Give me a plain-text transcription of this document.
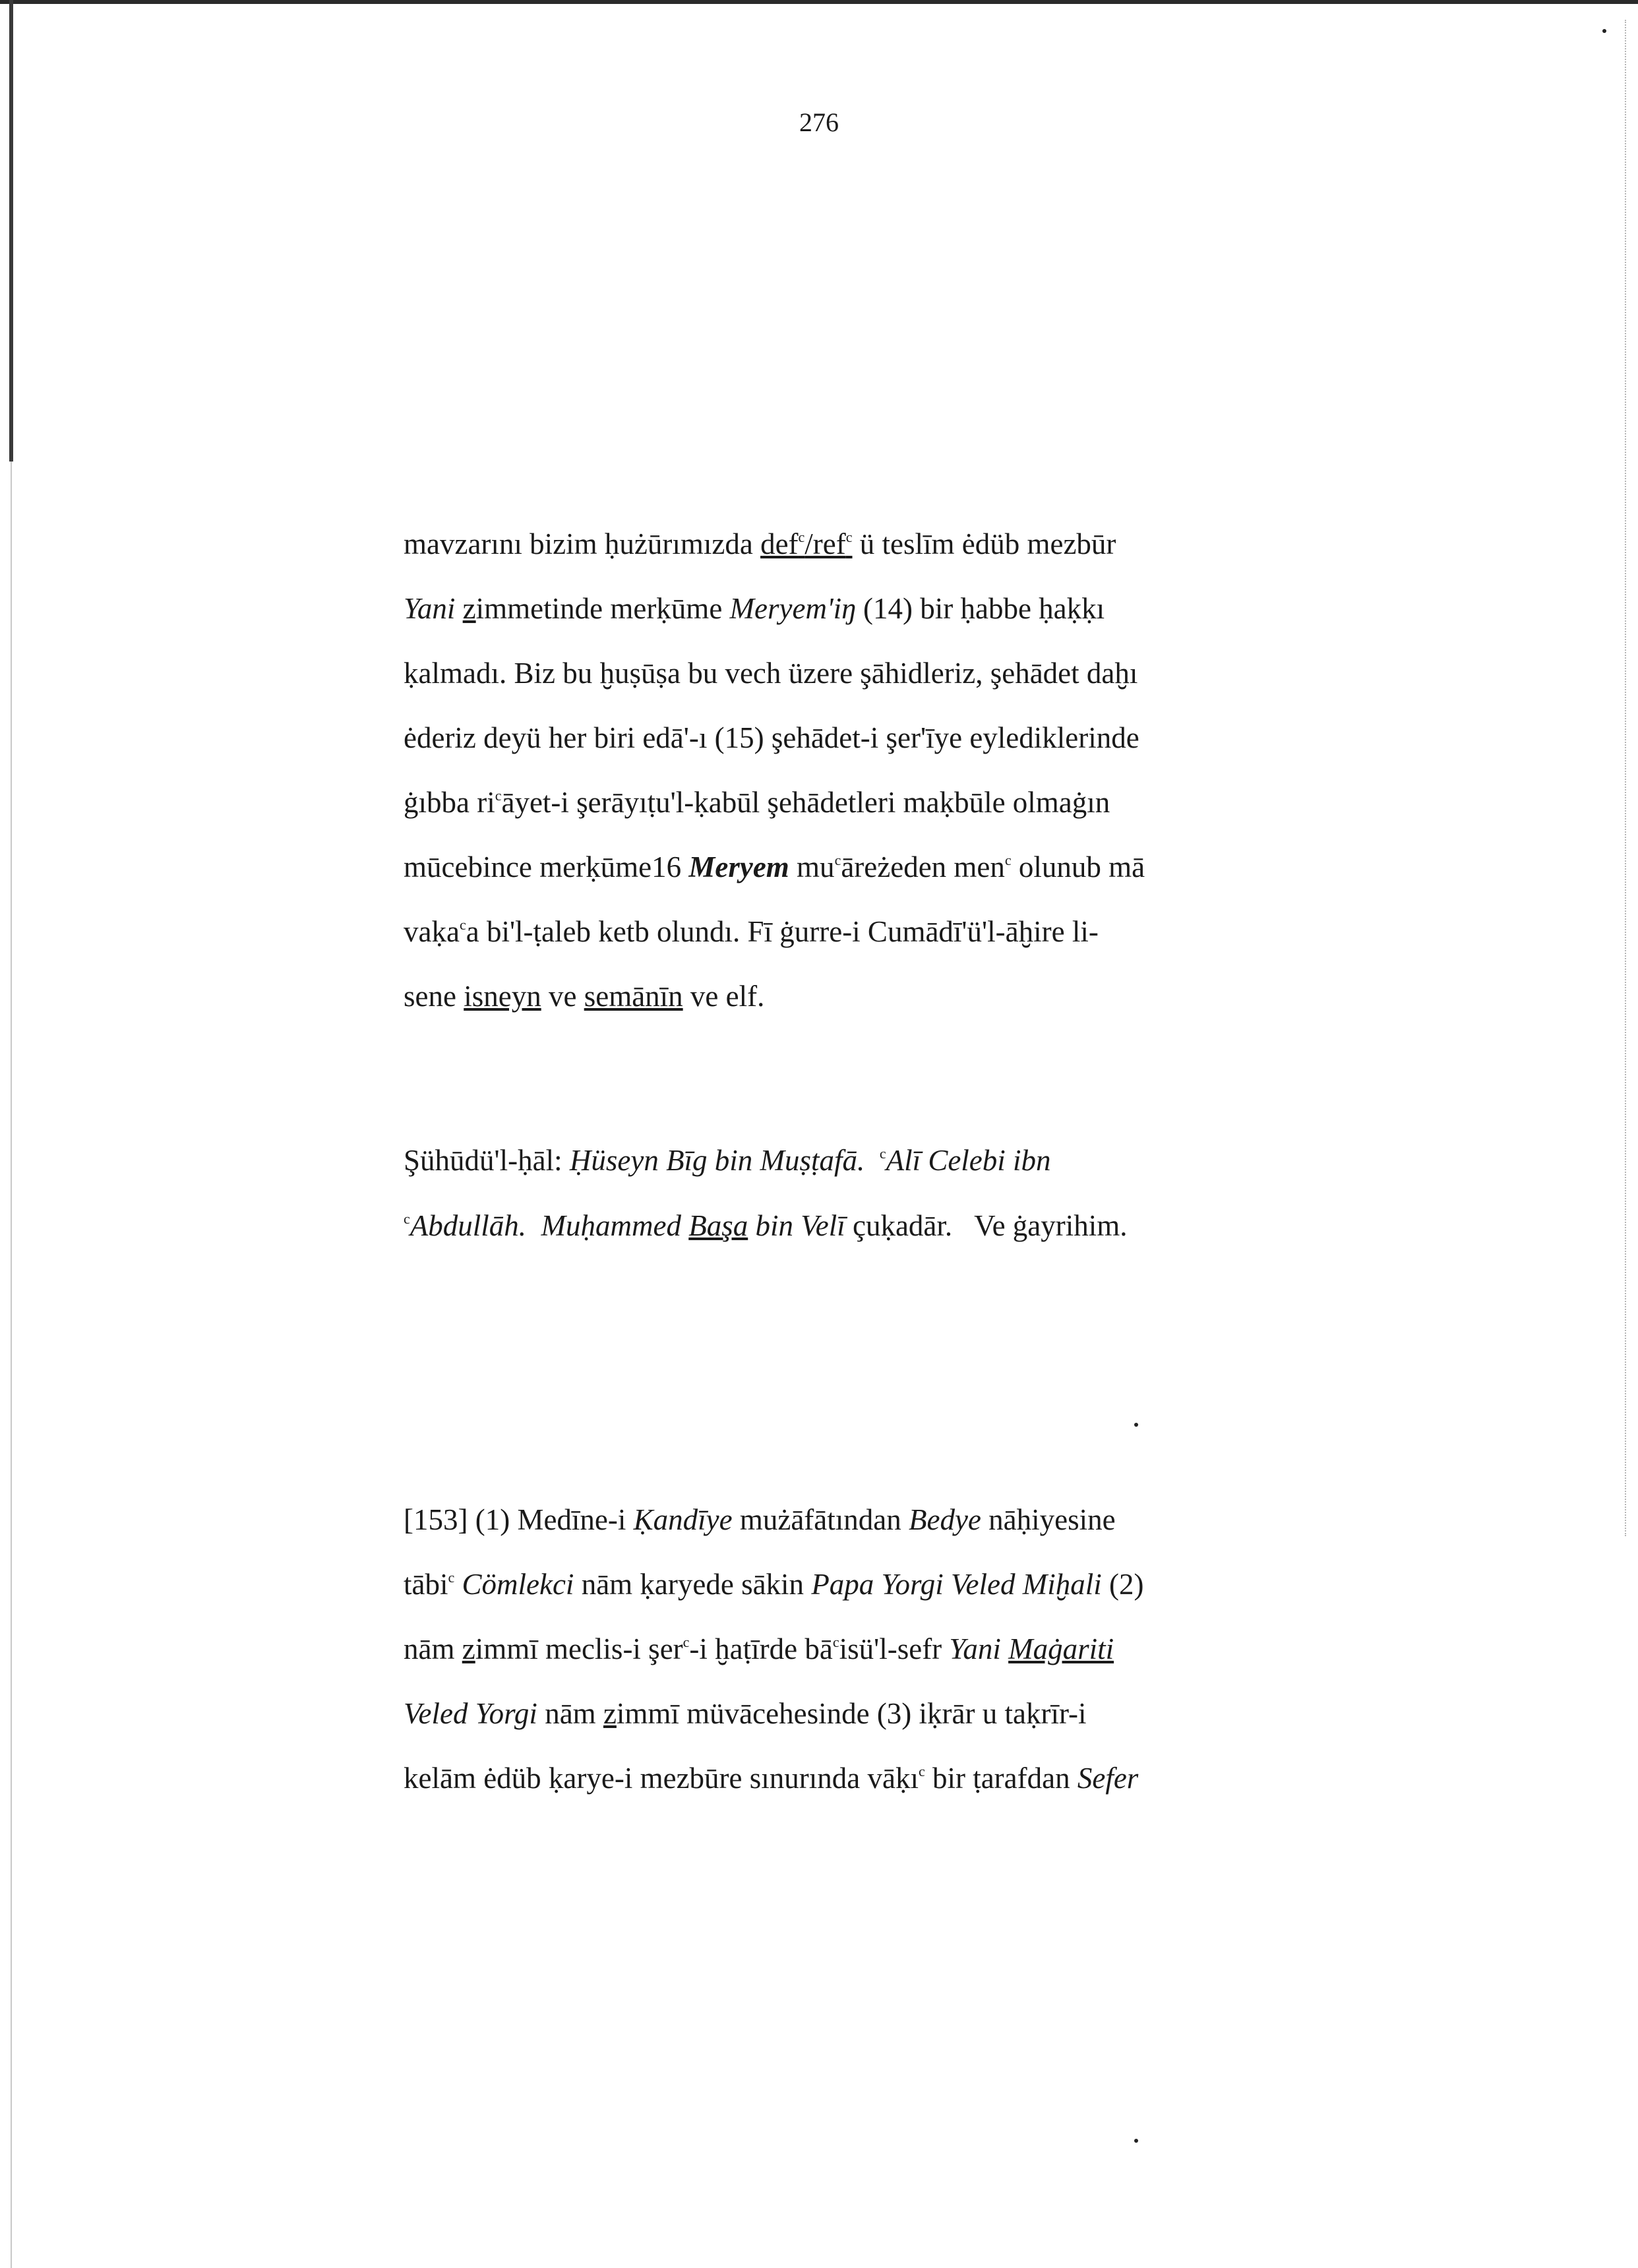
276
mavzarını bizim ḥużūrımızda def$^c$/ref$^c$ ü teslīm ėdüb mezbūr
Yani zimmetinde merḳūme Meryem'iŋ (14) bir ḥabbe ḥaḳḳı
ḳalmadı. Biz bu ḫuṣūṣa bu vech üzere şāhidleriz, şehādet daḫı
ėderiz deyü her biri edā'-ı (15) şehādet-i şer'īye eylediklerinde
ġıbba $ri^cāyet-i$ şerāyıṭu'l-ḳabūl şehādetleri maḳbūle olmaġın
mūcebince merḳūme16 Meryem $mu^cāreżeden$ men$^c$ olunub mā
vaḳa$^c$a bi'l-ṭaleb ketb olundı. Fī ġurre-i Cumādī'ü'l-āḫire li-
sene isneyn ve semānīn ve elf.
Şühūdü'l-ḥāl: Ḥüseyn Bīg bin Muṣṭafā. $^c$Alī Celebi ibn
$^c$Abdullāh. Muḥammed Başa bin Velī çuḳadār.   Ve ġayrihim.
[153] (1) Medīne-i Ḳandīye mużāfātından Bedye nāḥiyesine
tābi$^c$ Cömlekci nām ḳaryede sākin Papa Yorgi Veled Miḫali (2)
nām zimmī meclis-i şer$^c$-i ḫaṭīrde $bā^cisü'l$-sefr Yani Maġariti
Veled Yorgi nām zimmī müvācehesinde (3) iḳrār u taḳrīr-i
kelām ėdüb ḳarye-i mezbūre sınurında vāḳı$^c$ bir ṭarafdan Sefer
